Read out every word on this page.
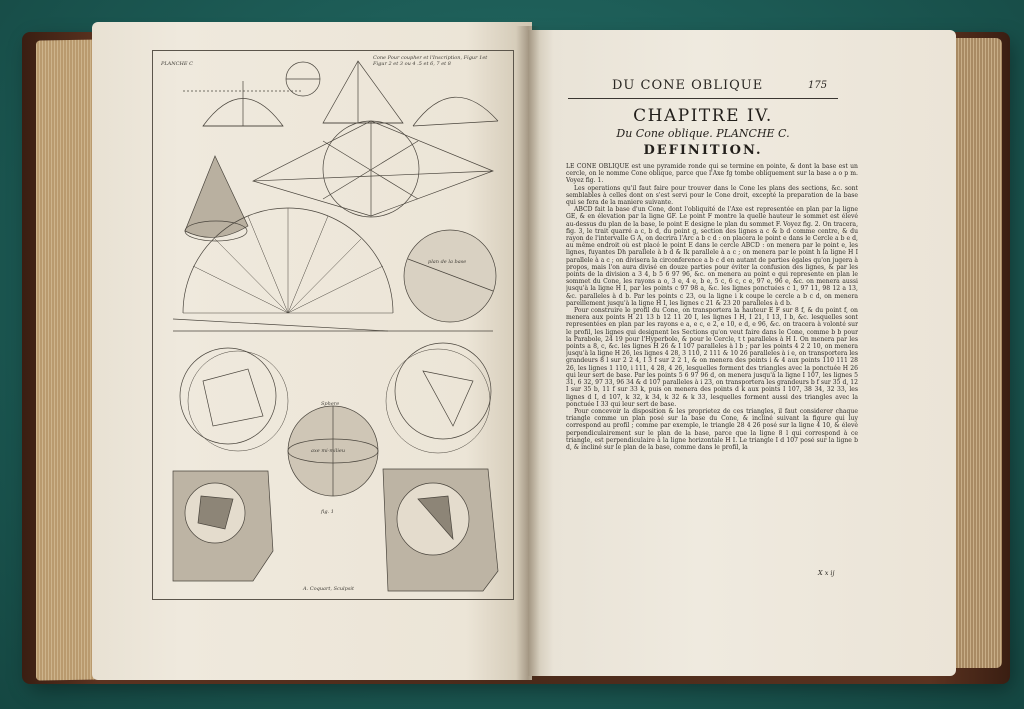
PLANCHE C
Cone Pour coupher et l'Inscription, Figur 1et Figur 2 et 3 ou 4 .5 et 6, 7 et 8
plan de la base
Sphere
axe mi-milieu
fig. 1
A. Coquart, Sculpsit
DU CONE OBLIQUE	175
CHAPITRE IV.
Du Cone oblique. PLANCHE C.
DEFINITION.

LE CONE OBLIQUE est une pyramide ronde qui se termine en pointe, & dont la base est un cercle, on le nomme Cone oblique, parce que l'Axe fg tombe obliquement sur la base a o p m. Voyez fig. 1.

Les operations qu'il faut faire pour trouver dans le Cone les plans des sections, &c. sont semblables à celles dont on s'est servi pour le Cone droit, excepté la preparation de la base qui se fera de la maniere suivante.

ABCD fait la base d'un Cone, dont l'obliquité de l'Axe est representée en plan par la ligne GE, & en élevation par la ligne GF. Le point F montre la quelle hauteur le sommet est élevé au-dessus du plan de la base, le point E designe le plan du sommet F. Voyez fig. 2. On tracera, fig. 3, le trait quarré a c, b d, du point g, section des lignes a c & b d comme centre, & du rayon de l'intervalle G A, on decrira l'Arc a b c d : on placera le point e dans le Cercle a b e d, au même endroit où est placé le point E dans le cercle ABCD : on menera par le point e, les lignes, fuyantes Dh parallele à b d & Ik parallele à a c ; on menera par le point h la ligne H I parallele à a c ; on divisera la circonference a b c d en autant de parties égales qu'on jugera à propos, mais l'on aura divisé en douze parties pour éviter la confusion des lignes, & par les points de la division a 3 4, b 5 6 97 96, &c. on menera au point e qui represente en plan le sommet du Cone, les rayons a o, 3 e, 4 e, b e, 5 c, 6 c, c e, 97 e, 96 e, &c. on menera aussi jusqu'à la ligne H I, par les points c 97 98 a, &c. les lignes ponctuées c 1, 97 11, 98 12 a 13, &c. paralleles à d b. Par les points c 23, ou la ligne i k coupe le cercle a b c d, on menera pareillement jusqu'à la ligne H I, les lignes c 21 & 23 20 paralleles à d b.

Pour construire le profil du Cone, on transportera la hauteur E F sur 8 f, & du point f, on menera aux points H 21 13 b 12 11 20 I, les lignes I H, I 21, I 13, I b, &c. lesquelles sont representées en plan par les rayons e a, e c, e 2, e 10, e d, e 96, &c. on tracera à volonté sur le profil, les lignes qui designent les Sections qu'on veut faire dans le Cone, comme b b pour la Parabole, 24 19 pour l'Hyperbole, & pour le Cercle, t t paralleles à H I. On menera par les points a 8, c, &c. les lignes H 26 & I 107 paralleles à l b ; par les points 4 2 2 10, on menera jusqu'à la ligne H 26, les lignes 4 28, 3 110, 2 111 & 10 26 paralleles à i e, on transportera les grandeurs 8 l sur 2 2 4, I 3 f sur 2 2 1, & on menera des points i & 4 aux points 110 111 28 26, les lignes 1 110, i 111, 4 28, 4 26, lesquelles forment des triangles avec la ponctuée H 26 qui leur sert de base. Par les points 5 6 97 96 d, on menera jusqu'à la ligne I 107, les lignes 5 31, 6 32, 97 33, 96 34 & d 107 paralleles à i 23, on transportera les grandeurs b f sur 35 d, 12 I sur 35 b, 11 f sur 33 k, puis on menera des points d k aux points I 107, 38 34, 32 33, les lignes d I, d 107, k 32, k 34, k 32 & k 33, lesquelles forment aussi des triangles avec la ponctuée I 33 qui leur sert de base.

Pour concevoir la disposition & les proprietez de ces triangles, il faut considerer chaque triangle comme un plan posé sur la base du Cone, & incliné suivant la figure qui luy correspond au profil ; comme par exemple, le triangle 28 4 26 posé sur la ligne 4 10, & élevé perpendiculairement sur le plan de la base, parce que la ligne 8 l qui correspond à ce triangle, est perpendiculaire à la ligne horizontale H I. Le triangle I d 107 posé sur la ligne b d, & incliné sur le plan de la base, comme dans le profil, la

X x ij
